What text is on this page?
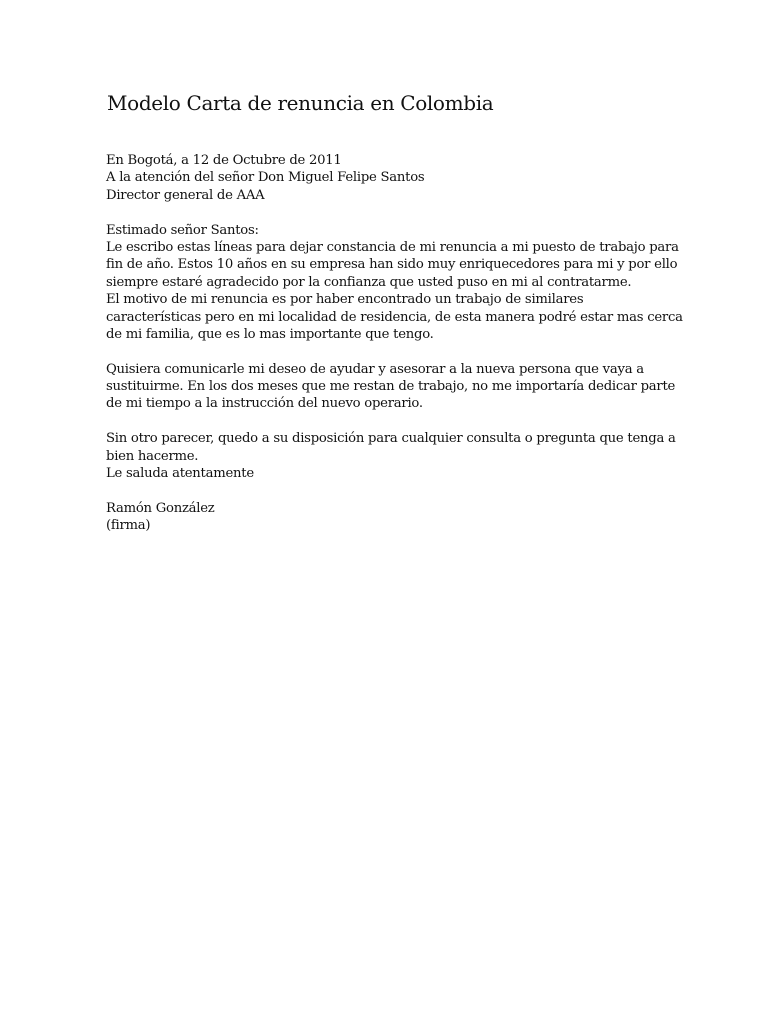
Modelo Carta de renuncia en Colombia
En Bogotá, a 12 de Octubre de 2011
A la atención del señor Don Miguel Felipe Santos
Director general de AAA
Estimado señor Santos:
Le escribo estas líneas para dejar constancia de mi renuncia a mi puesto de trabajo para
fin de año. Estos 10 años en su empresa han sido muy enriquecedores para mi y por ello
siempre estaré agradecido por la confianza que usted puso en mi al contratarme.
El motivo de mi renuncia es por haber encontrado un trabajo de similares
características pero en mi localidad de residencia, de esta manera podré estar mas cerca
de mi familia, que es lo mas importante que tengo.
Quisiera comunicarle mi deseo de ayudar y asesorar a la nueva persona que vaya a
sustituirme. En los dos meses que me restan de trabajo, no me importaría dedicar parte
de mi tiempo a la instrucción del nuevo operario.
Sin otro parecer, quedo a su disposición para cualquier consulta o pregunta que tenga a
bien hacerme.
Le saluda atentamente
Ramón González
(firma)
